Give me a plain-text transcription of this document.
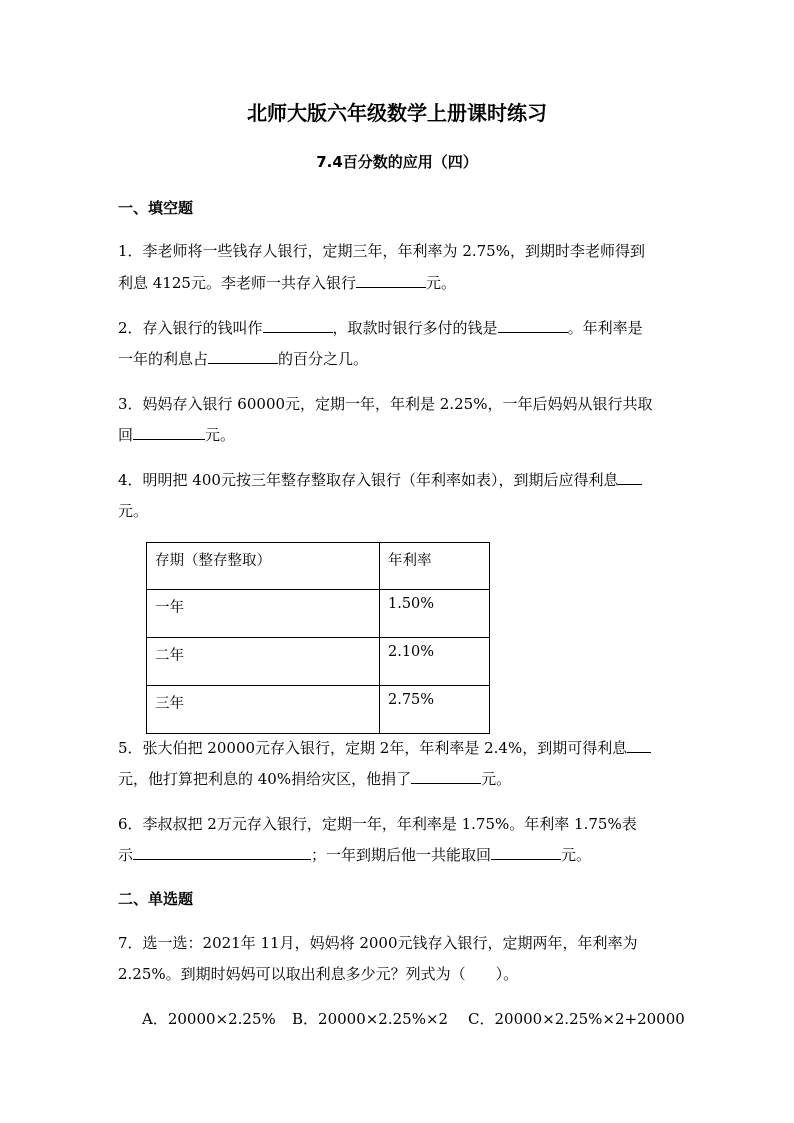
北师大版六年级数学上册课时练习
7.4百分数的应用（四）
一、填空题
1．李老师将一些钱存人银行，定期三年，年利率为 2.75%，到期时李老师得到
利息 4125元。李老师一共存入银行	元。
2．存入银行的钱叫作	，取款时银行多付的钱是	。年利率是
一年的利息占	的百分之几。
3．妈妈存入银行 60000元，定期一年，年利是 2.25%，一年后妈妈从银行共取
回	元。
4．明明把 400元按三年整存整取存入银行（年利率如表），到期后应得利息
元。
存期（整存整取）	年利率
一年	1.50%
二年	2.10%
三年	2.75%
5．张大伯把 20000元存入银行，定期 2年，年利率是 2.4%，到期可得利息
元，他打算把利息的 40%捐给灾区，他捐了	元。
6．李叔叔把 2万元存入银行，定期一年，年利率是 1.75%。年利率 1.75%表
示	；一年到期后他一共能取回	元。
二、单选题
7．选一选：2021年 11月，妈妈将 2000元钱存入银行，定期两年，年利率为
2.25%。到期时妈妈可以取出利息多少元？列式为（　　）。
A．20000×2.25% B．20000×2.25%×2 C．20000×2.25%×2+20000
